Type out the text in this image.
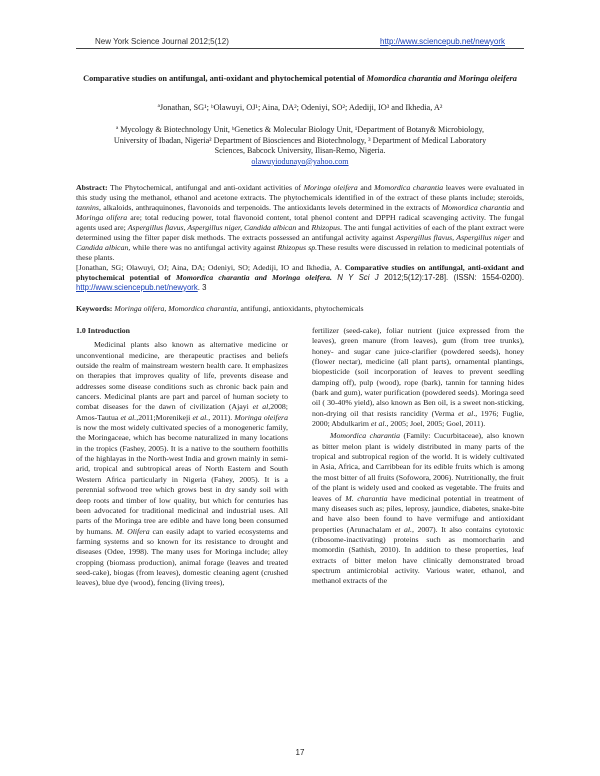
New York Science Journal 2012;5(12)	http://www.sciencepub.net/newyork
Comparative studies on antifungal, anti-oxidant and phytochemical potential of Momordica charantia and Moringa oleifera
ªJonathan, SG¹; ᵇOlawuyi, OJ¹; Aina, DA²; Odeniyi, SO²; Adediji, IO³ and Ikhedia, A²
ª Mycology & Biotechnology Unit, ᵇGenetics & Molecular Biology Unit, ¹Department of Botany& Microbiology,
University of Ibadan, Nigeria² Department of Biosciences and Biotechnology, ³ Department of Medical Laboratory
Sciences, Babcock University, Ilisan-Remo, Nigeria.
olawuyiodunayo@yahoo.com
Abstract: The Phytochemical, antifungal and anti-oxidant activities of Moringa oleifera and Momordica charantia leaves were evaluated in this study using the methanol, ethanol and acetone extracts. The phytochemicals identified in of the extract of these plants include; steroids, tannins, alkaloids, anthraquinones, flavonoids and terpenoids. The antioxidants levels determined in the extracts of Momordica charantia and Moringa olifera are; total reducing power, total flavonoid content, total phenol content and DPPH radical scavenging activity. The fungal agents used are; Aspergillus flavus, Aspergillus niger, Candida albican and Rhizopus. The anti fungal activities of each of the plant extract were determined using the filter paper disk methods. The extracts possessed an antifungal activity against Aspergillus flavus, Aspergillus niger and Candida albican, while there was no antifungal activity against Rhizopus sp.These results were discussed in relation to medicinal potentials of these plants.
[Jonathan, SG; Olawuyi, OJ; Aina, DA; Odeniyi, SO; Adediji, IO and Ikhedia, A. Comparative studies on antifungal, anti-oxidant and phytochemical potential of Momordica charantia and Moringa oleifera. N Y Sci J 2012;5(12):17-28]. (ISSN: 1554-0200). http://www.sciencepub.net/newyork. 3
Keywords: Moringa olifera, Momordica charantia, antifungi, antioxidants, phytochemicals

1.0 Introduction

Medicinal plants also known as alternative medicine or unconventional medicine, are therapeutic practises and beliefs outside the realm of mainstream western health care. It emphasizes on therapies that improves quality of life, prevents disease and addresses some disease conditions such as chronic back pain and cancers. Medicinal plants are part and parcel of human society to combat diseases for the dawn of civilization (Ajayi et al,2008; Amos-Tautua et al.,2011;Morenikeji et al., 2011). Moringa oleifera is now the most widely cultivated species of a monogeneric family, the Moringaceae, which has become naturalized in many locations in the tropics (Fashey, 2005). It is a native to the southern foothills of the highlayas in the North-west India and grown mainly in semi-arid, tropical and subtropical areas of North Eastern and South Western Africa particularly in Nigeria (Fahey, 2005). It is a perennial softwood tree which grows best in dry sandy soil with deep roots and timber of low quality, but which for centuries has been advocated for traditional medicinal and industrial uses. All parts of the Moringa tree are edible and have long been consumed by humans. M. Olifera can easily adapt to varied ecosystems and farming systems and so known for its resistance to drought and diseases (Odee, 1998). The many uses for Moringa include; alley cropping (biomass production), animal forage (leaves and treated seed-cake), biogas (from leaves), domestic cleaning agent (crushed leaves), blue dye (wood), fencing (living trees),

fertilizer (seed-cake), foliar nutrient (juice expressed from the leaves), green manure (from leaves), gum (from tree trunks), honey- and sugar cane juice-clarifier (powdered seeds), honey (flower nectar), medicine (all plant parts), ornamental plantings, biopesticide (soil incorporation of leaves to prevent seedling damping off), pulp (wood), rope (bark), tannin for tanning hides (bark and gum), water purification (powdered seeds). Moringa seed oil ( 30-40% yield), also known as Ben oil, is a sweet non-sticking, non-drying oil that resists rancidity (Verma et al., 1976; Fuglie, 2000; Abdulkarim et al., 2005; Joel, 2005; Goel, 2011).

Momordica charantia (Family: Cucurbitaceae), also known as bitter melon plant is widely distributed in many parts of the tropical and subtropical region of the world. It is widely cultivated in Asia, Africa, and Carribbean for its edible fruits which is among the most bitter of all fruits (Sofowora, 2006). Nutritionally, the fruit of the plant is widely used and cooked as vegetable. The fruits and leaves of M. charantia have medicinal potential in treatment of many diseases such as; piles, leprosy, jaundice, diabetes, snake-bite and have also been found to have vermifuge and antioxidant properties (Arunachalam et al., 2007). It also contains cytotoxic (ribosome-inactivating) proteins such as momorcharin and momordin (Sathish, 2010). In addition to these properties, leaf extracts of bitter melon have clinically demonstrated broad spectrum antimicrobial activity. Various water, ethanol, and methanol extracts of the

17
